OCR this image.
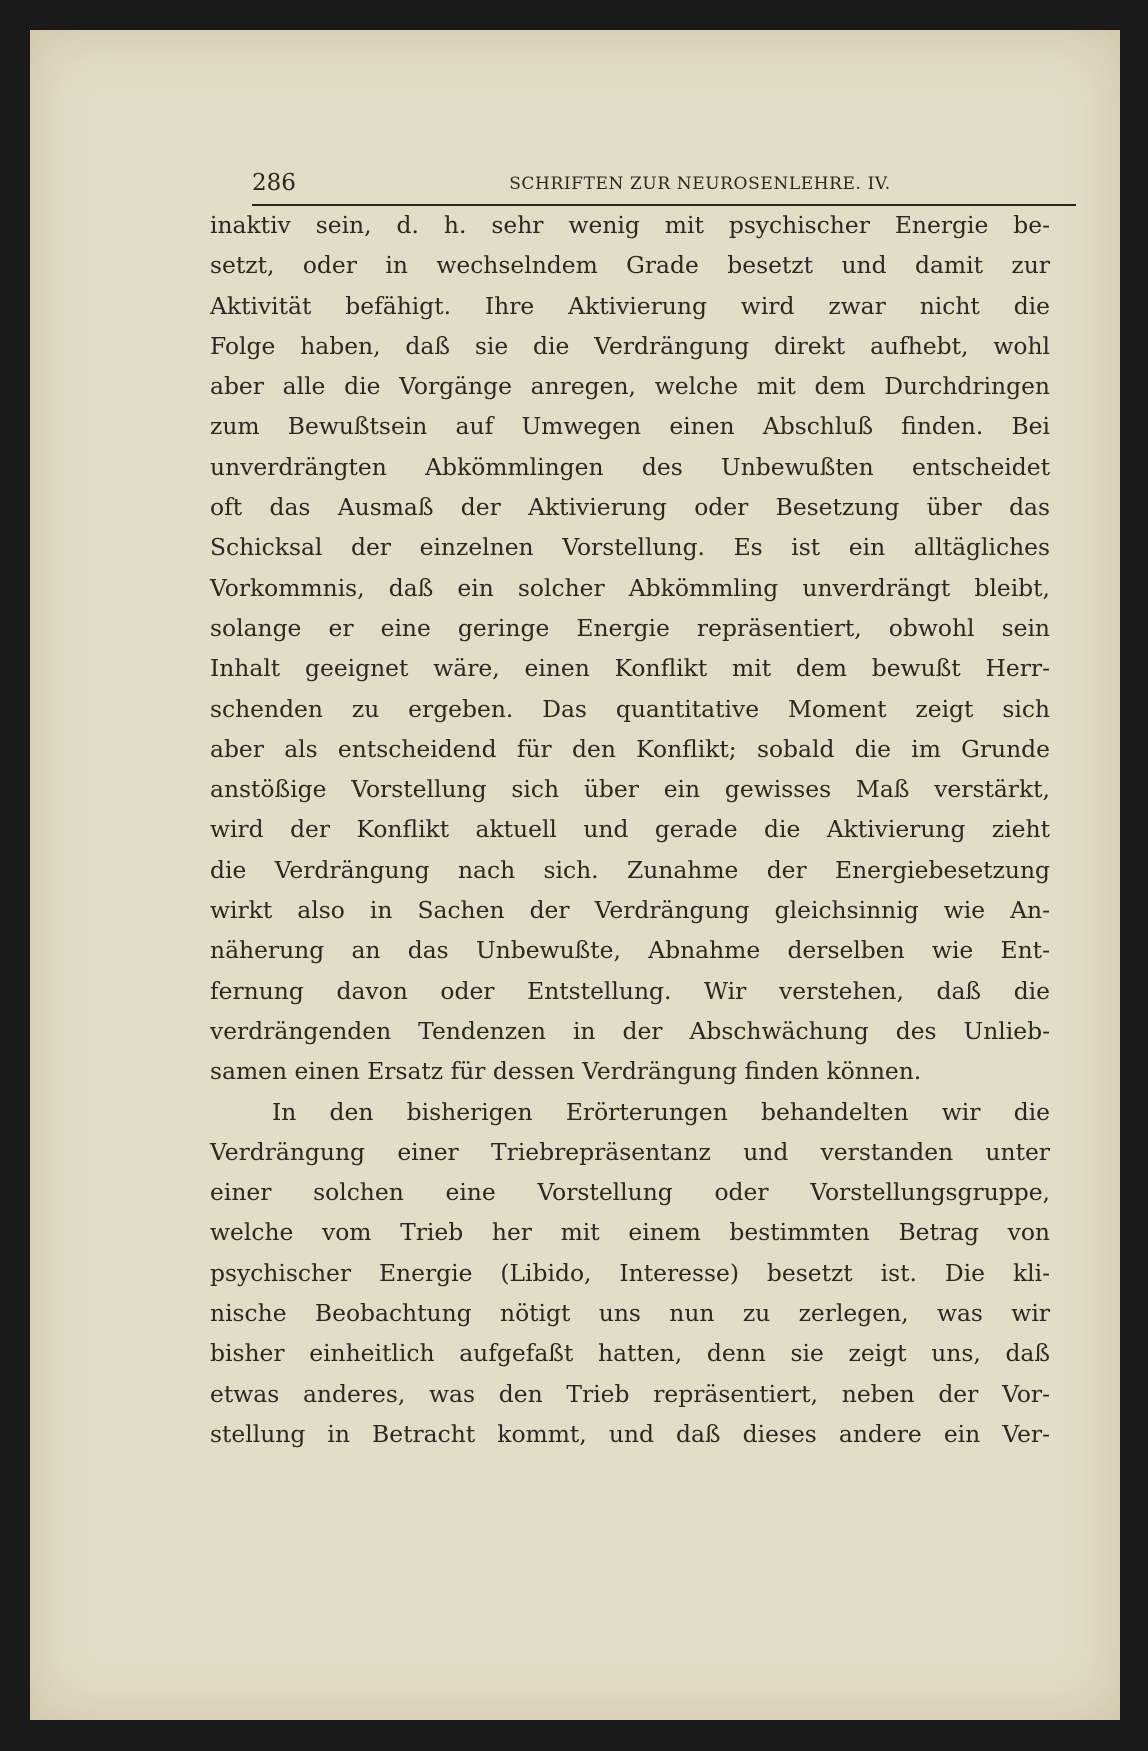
286	SCHRIFTEN ZUR NEUROSENLEHRE. IV.
inaktiv sein, d. h. sehr wenig mit psychischer Energie be-
setzt, oder in wechselndem Grade besetzt und damit zur
Aktivität befähigt. Ihre Aktivierung wird zwar nicht die
Folge haben, daß sie die Verdrängung direkt aufhebt, wohl
aber alle die Vorgänge anregen, welche mit dem Durchdringen
zum Bewußtsein auf Umwegen einen Abschluß finden. Bei
unverdrängten Abkömmlingen des Unbewußten entscheidet
oft das Ausmaß der Aktivierung oder Besetzung über das
Schicksal der einzelnen Vorstellung. Es ist ein alltägliches
Vorkommnis, daß ein solcher Abkömmling unverdrängt bleibt,
solange er eine geringe Energie repräsentiert, obwohl sein
Inhalt geeignet wäre, einen Konflikt mit dem bewußt Herr-
schenden zu ergeben. Das quantitative Moment zeigt sich
aber als entscheidend für den Konflikt; sobald die im Grunde
anstößige Vorstellung sich über ein gewisses Maß verstärkt,
wird der Konflikt aktuell und gerade die Aktivierung zieht
die Verdrängung nach sich. Zunahme der Energiebesetzung
wirkt also in Sachen der Verdrängung gleichsinnig wie An-
näherung an das Unbewußte, Abnahme derselben wie Ent-
fernung davon oder Entstellung. Wir verstehen, daß die
verdrängenden Tendenzen in der Abschwächung des Unlieb-
samen einen Ersatz für dessen Verdrängung finden können.
In den bisherigen Erörterungen behandelten wir die
Verdrängung einer Triebrepräsentanz und verstanden unter
einer solchen eine Vorstellung oder Vorstellungsgruppe,
welche vom Trieb her mit einem bestimmten Betrag von
psychischer Energie (Libido, Interesse) besetzt ist. Die kli-
nische Beobachtung nötigt uns nun zu zerlegen, was wir
bisher einheitlich aufgefaßt hatten, denn sie zeigt uns, daß
etwas anderes, was den Trieb repräsentiert, neben der Vor-
stellung in Betracht kommt, und daß dieses andere ein Ver-
